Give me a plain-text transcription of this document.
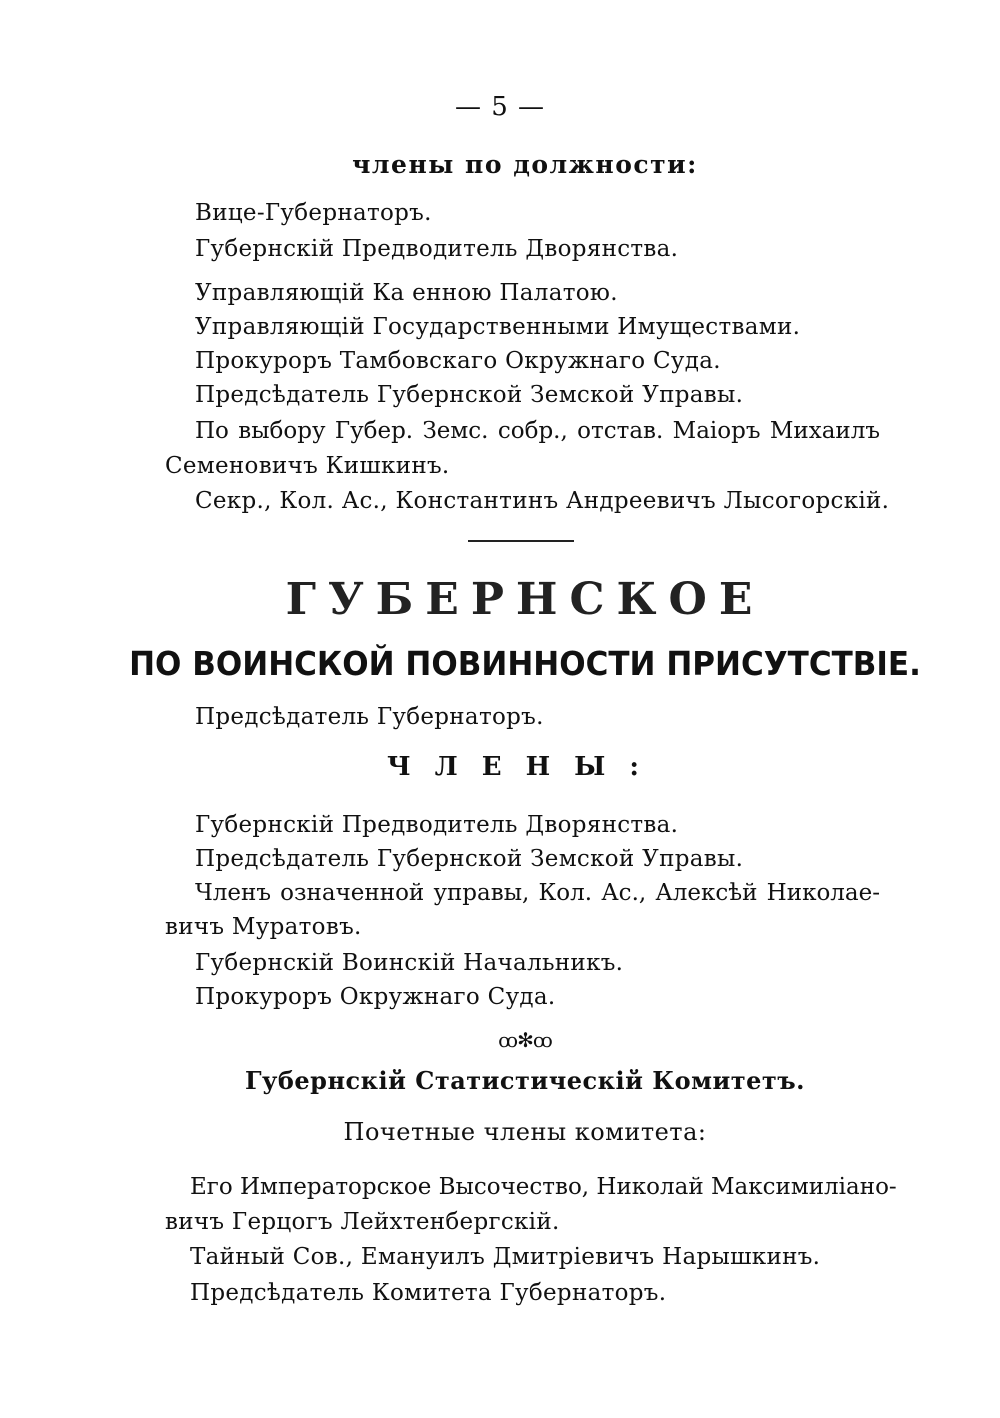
— 5 —
члены по должности:
Вице-Губернаторъ.
Губернскій Предводитель Дворянства.
Управляющій Ка енною Палатою.
Управляющій Государственными Имуществами.
Прокуроръ Тамбовскаго Окружнаго Суда.
Предсѣдатель Губернской Земской Управы.
По выбору Губер. Земс. собр., отстав. Маіоръ Михаилъ
Семеновичъ Кишкинъ.
Секр., Кол. Ас., Константинъ Андреевичъ Лысогорскій.
ГУБЕРНСКОЕ
ПО ВОИНСКОЙ ПОВИННОСТИ ПРИСУТСТВІЕ.
Предсѣдатель Губернаторъ.
ЧЛЕНЫ:
Губернскій Предводитель Дворянства.
Предсѣдатель Губернской Земской Управы.
Членъ означенной управы, Кол. Ас., Алексѣй Николае-
вичъ Муратовъ.
Губернскій Воинскій Начальникъ.
Прокуроръ Окружнаго Суда.
ꝏ✻ꝏ
Губернскій Статистическій Комитетъ.
Почетные члены комитета:
Его Императорское Высочество, Николай Максимиліано-
вичъ Герцогъ Лейхтенбергскій.
Тайный Сов., Емануилъ Дмитріевичъ Нарышкинъ.
Предсѣдатель Комитета Губернаторъ.
